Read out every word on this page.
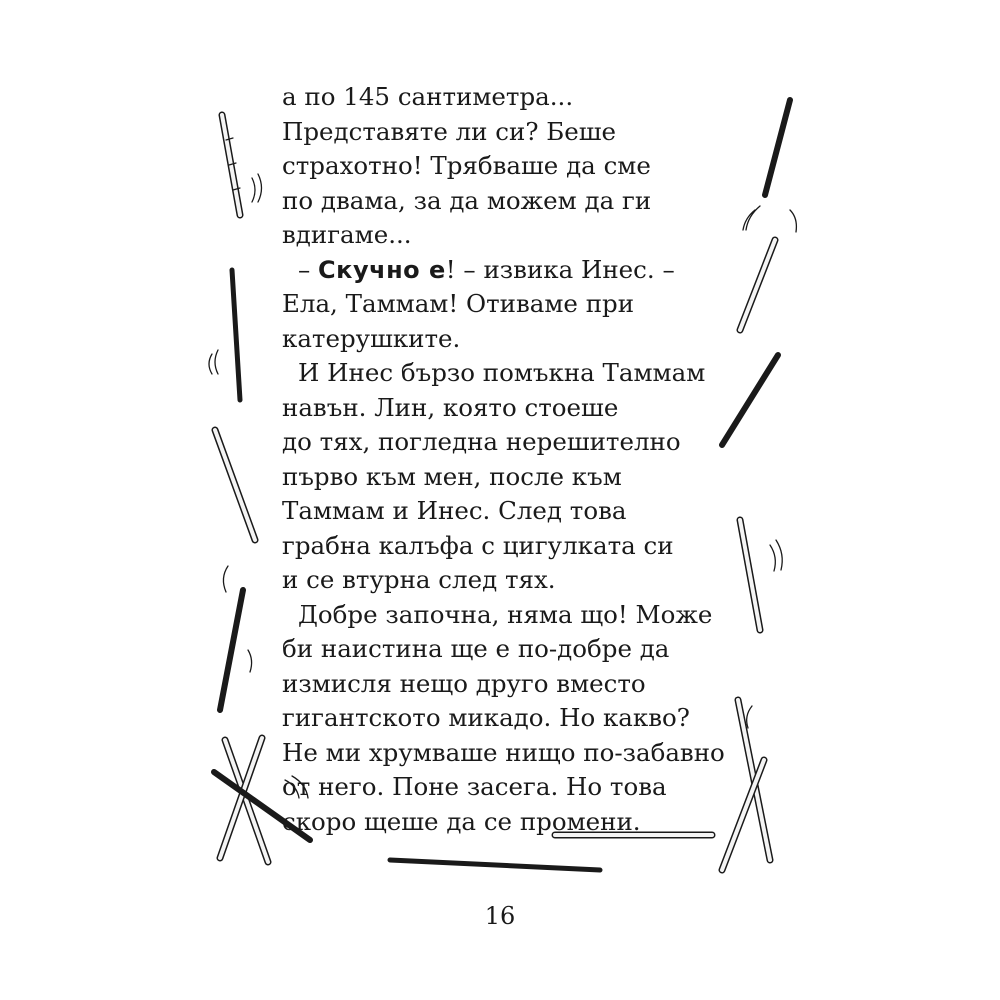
а по 145 сантиметра...
Представяте ли си? Беше
страхотно! Трябваше да сме
по двама, за да можем да ги
вдигаме...
– Скучно е! – извика Инес. –
Ела, Таммам! Отиваме при
катерушките.
И Инес бързо помъкна Таммам
навън. Лин, която стоеше
до тях, погледна нерешително
първо към мен, после към
Таммам и Инес. След това
грабна калъфа с цигулката си
и се втурна след тях.
Добре започна, няма що! Може
би наистина ще е по-добре да
измисля нещо друго вместо
гигантското микадо. Но какво?
Не ми хрумваше нищо по-забавно
от него. Поне засега. Но това
скоро щеше да се промени.
16
